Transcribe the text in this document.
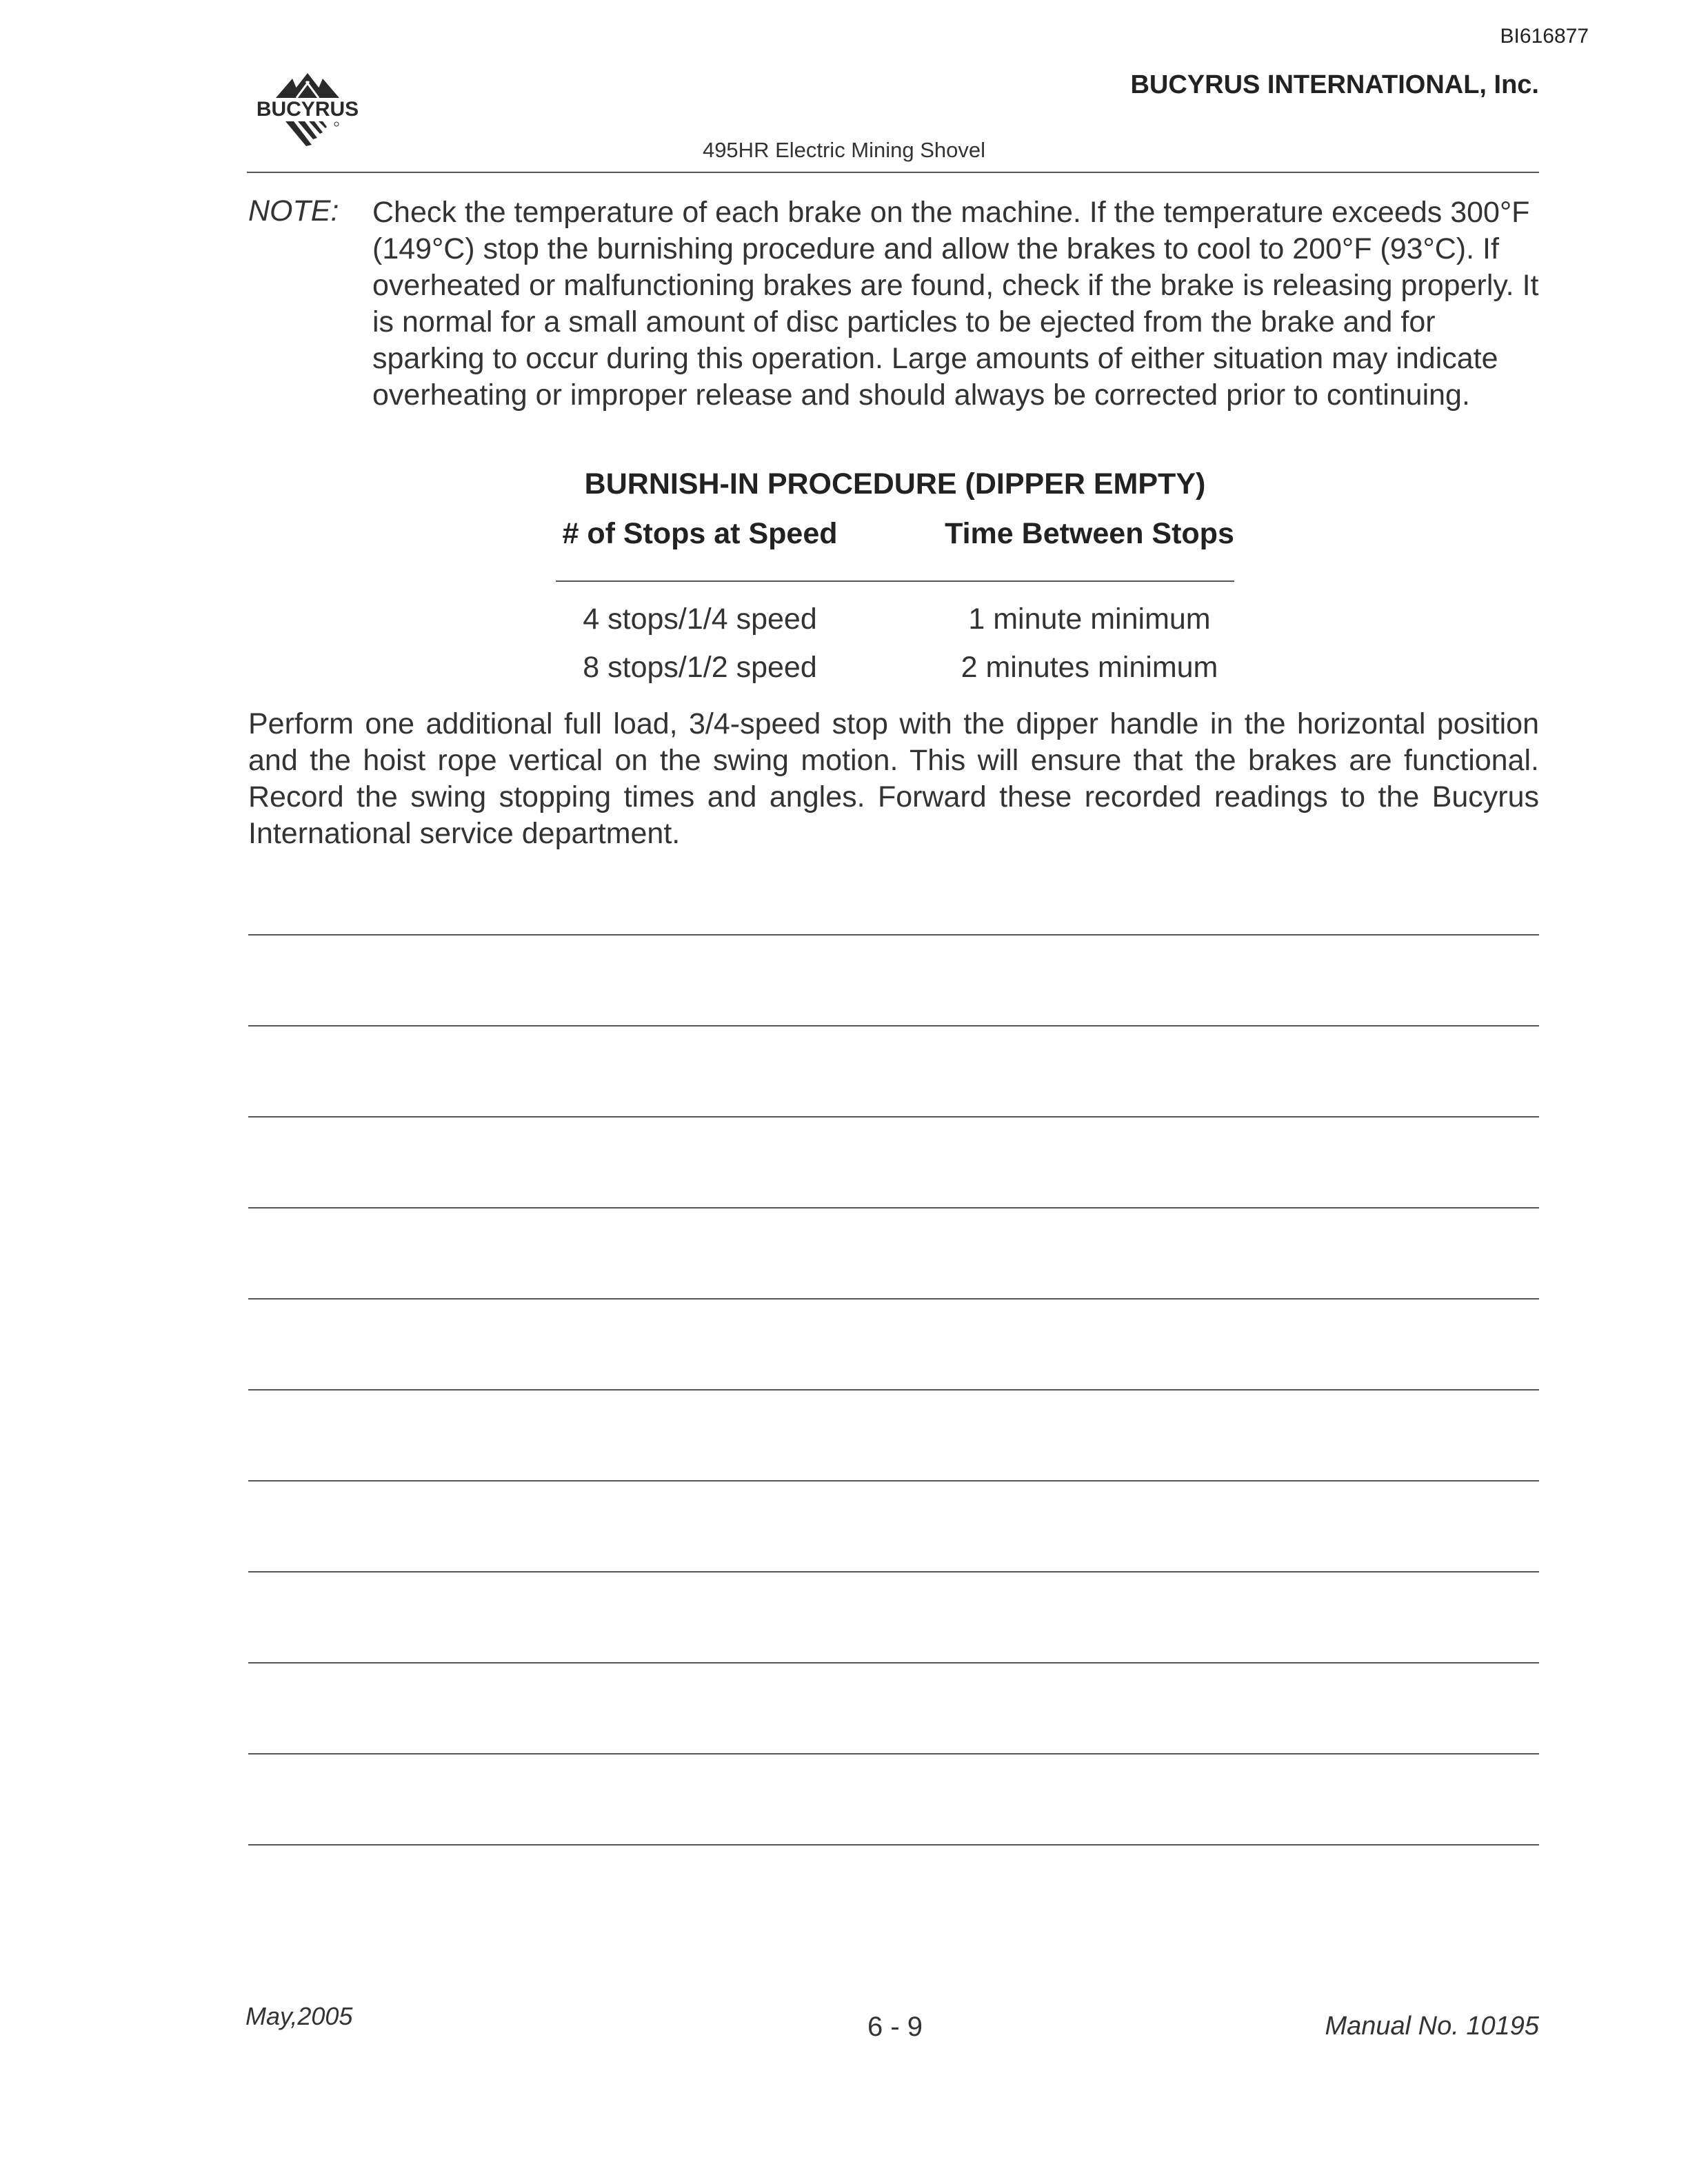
BI616877
BUCYRUS
BUCYRUS INTERNATIONAL, Inc.
495HR Electric Mining Shovel
NOTE: Check the temperature of each brake on the machine. If the temperature exceeds 300°F (149°C) stop the burnishing procedure and allow the brakes to cool to 200°F (93°C). If overheated or malfunctioning brakes are found, check if the brake is releasing properly. It is normal for a small amount of disc particles to be ejected from the brake and for sparking to occur during this operation. Large amounts of either situation may indicate overheating or improper release and should always be corrected prior to continuing.

BURNISH-IN PROCEDURE (DIPPER EMPTY)
# of Stops at Speed	Time Between Stops
4 stops/1/4 speed	1 minute minimum
8 stops/1/2 speed	2 minutes minimum

Perform one additional full load, 3/4-speed stop with the dipper handle in the horizontal position and the hoist rope vertical on the swing motion. This will ensure that the brakes are functional. Record the swing stopping times and angles. Forward these recorded readings to the Bucyrus International service department.

May,2005	6 - 9	Manual No. 10195
